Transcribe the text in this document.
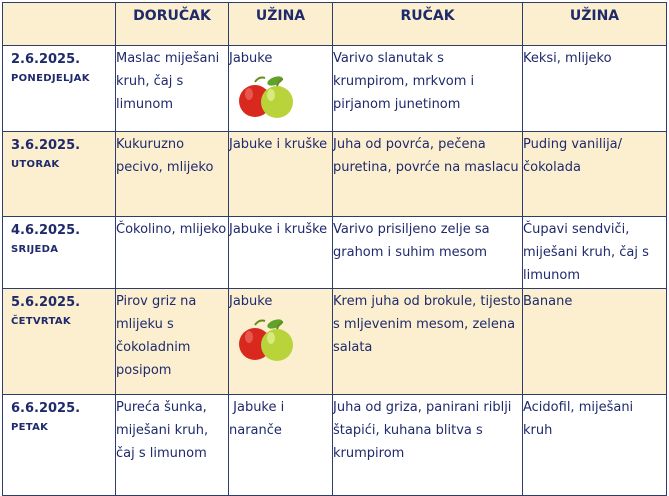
	DORUČAK	UŽINA	RUČAK	UŽINA

2.6.2025.
PONEDJELJAK	Maslac miješani kruh, čaj s limunom	Jabuke	Varivo slanutak s krumpirom, mrkvom i pirjanom junetinom	Keksi, mlijeko

3.6.2025.
UTORAK	Kukuruzno pecivo, mlijeko	Jabuke i kruške	Juha od povrća, pečena puretina, povrće na maslacu	Puding vanilija/čokolada

4.6.2025.
SRIJEDA	Čokolino, mlijeko	Jabuke i kruške	Varivo prisiljeno zelje sa grahom i suhim mesom	Čupavi sendviči, miješani kruh, čaj s limunom

5.6.2025.
ČETVRTAK	Pirov griz na mlijeku s čokoladnim posipom	Jabuke	Krem juha od brokule, tijesto s mljevenim mesom, zelena salata	Banane

6.6.2025.
PETAK	Pureća šunka, miješani kruh, čaj s limunom	Jabuke i naranče	Juha od griza, panirani riblji štapići, kuhana blitva s krumpirom	Acidofil, miješani kruh
